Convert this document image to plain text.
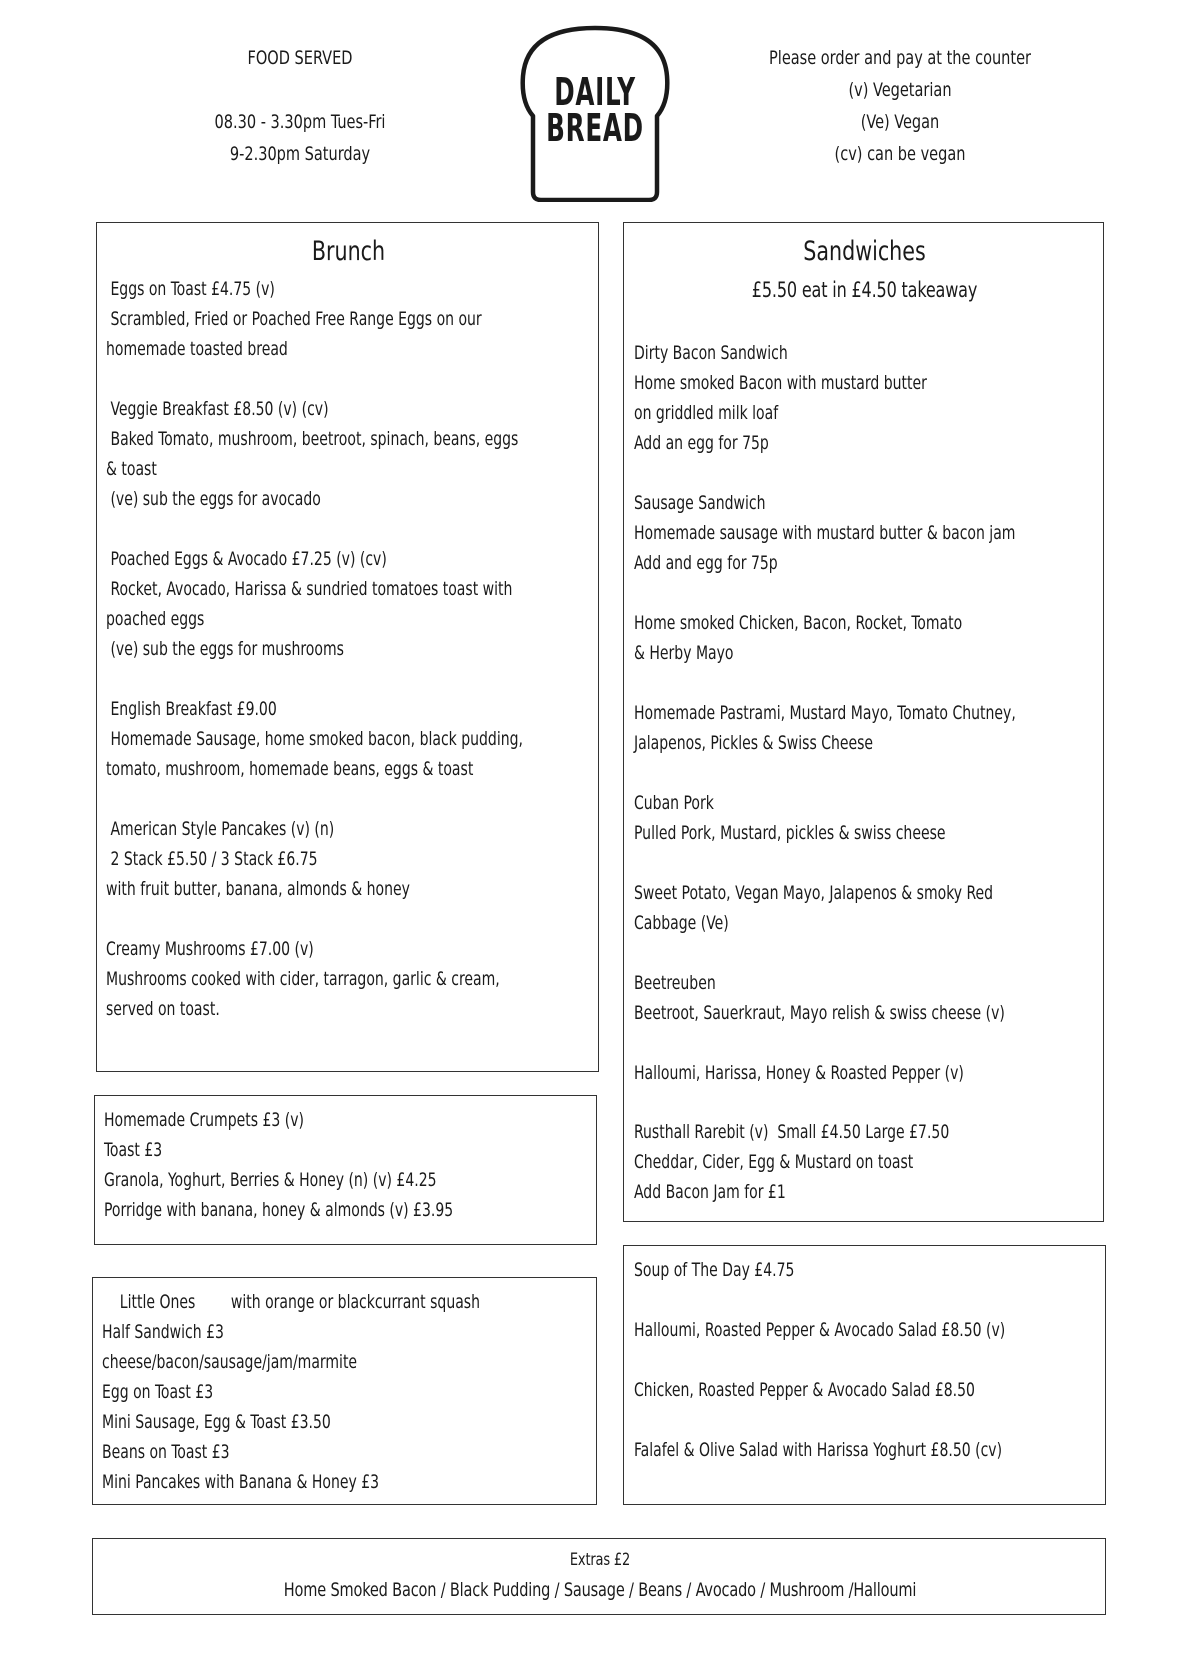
FOOD SERVED
08.30 - 3.30pm Tues-Fri
9-2.30pm Saturday
DAILY
BREAD
Please order and pay at the counter
(v) Vegetarian
(Ve) Vegan
(cv) can be vegan
Brunch
Eggs on Toast £4.75 (v)
Scrambled, Fried or Poached Free Range Eggs on our
homemade toasted bread
Veggie Breakfast £8.50 (v) (cv)
Baked Tomato, mushroom, beetroot, spinach, beans, eggs
& toast
(ve) sub the eggs for avocado
Poached Eggs & Avocado £7.25 (v) (cv)
Rocket, Avocado, Harissa & sundried tomatoes toast with
poached eggs
(ve) sub the eggs for mushrooms
English Breakfast £9.00
Homemade Sausage, home smoked bacon, black pudding,
tomato, mushroom, homemade beans, eggs & toast
American Style Pancakes (v) (n)
2 Stack £5.50 / 3 Stack £6.75
with fruit butter, banana, almonds & honey
Creamy Mushrooms £7.00 (v)
Mushrooms cooked with cider, tarragon, garlic & cream,
served on toast.
Homemade Crumpets £3 (v)
Toast £3
Granola, Yoghurt, Berries & Honey (n) (v) £4.25
Porridge with banana, honey & almonds (v) £3.95
Little Ones        with orange or blackcurrant squash
Half Sandwich £3
cheese/bacon/sausage/jam/marmite
Egg on Toast £3
Mini Sausage, Egg & Toast £3.50
Beans on Toast £3
Mini Pancakes with Banana & Honey £3
Sandwiches
£5.50 eat in £4.50 takeaway
Dirty Bacon Sandwich
Home smoked Bacon with mustard butter
on griddled milk loaf
Add an egg for 75p
Sausage Sandwich
Homemade sausage with mustard butter & bacon jam
Add and egg for 75p
Home smoked Chicken, Bacon, Rocket, Tomato
& Herby Mayo
Homemade Pastrami, Mustard Mayo, Tomato Chutney,
Jalapenos, Pickles & Swiss Cheese
Cuban Pork
Pulled Pork, Mustard, pickles & swiss cheese
Sweet Potato, Vegan Mayo, Jalapenos & smoky Red
Cabbage (Ve)
Beetreuben
Beetroot, Sauerkraut, Mayo relish & swiss cheese (v)
Halloumi, Harissa, Honey & Roasted Pepper (v)
Rusthall Rarebit (v)  Small £4.50 Large £7.50
Cheddar, Cider, Egg & Mustard on toast
Add Bacon Jam for £1
Soup of The Day £4.75
Halloumi, Roasted Pepper & Avocado Salad £8.50 (v)
Chicken, Roasted Pepper & Avocado Salad £8.50
Falafel & Olive Salad with Harissa Yoghurt £8.50 (cv)
Extras £2
Home Smoked Bacon / Black Pudding / Sausage / Beans / Avocado / Mushroom /Halloumi
